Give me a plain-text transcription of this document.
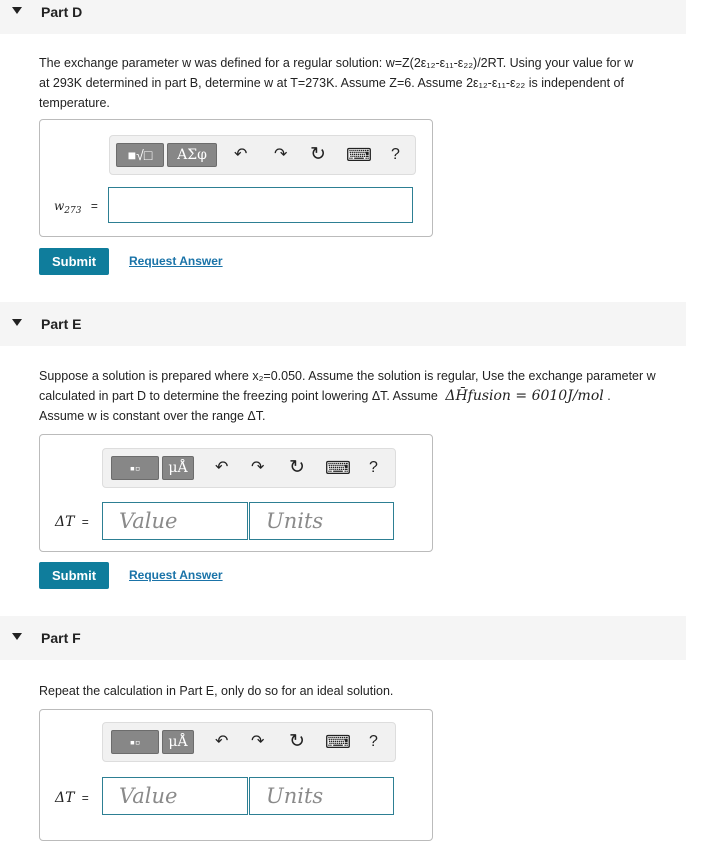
Part D
The exchange parameter w was defined for a regular solution: w=Z(2ε₁₂-ε₁₁-ε₂₂)/2RT. Using your value for w
at 293K determined in part B, determine w at T=273K. Assume Z=6. Assume 2ε₁₂-ε₁₁-ε₂₂ is independent of
temperature.
■√□	ΑΣφ	↶ ↷ ↻ ⌨ ?
$w_{273}$ =
Submit	Request Answer
Part E
Suppose a solution is prepared where x₂=0.050. Assume the solution is regular, Use the exchange parameter w
calculated in part D to determine the freezing point lowering ΔT. Assume ΔH̄fusion = 6010J/mol .
Assume w is constant over the range ΔT.
▪▫	μÅ	↶ ↷ ↻ ⌨ ?
ΔT =	Value	Units
Submit	Request Answer
Part F
Repeat the calculation in Part E, only do so for an ideal solution.
▪▫	μÅ	↶ ↷ ↻ ⌨ ?
ΔT =	Value	Units
